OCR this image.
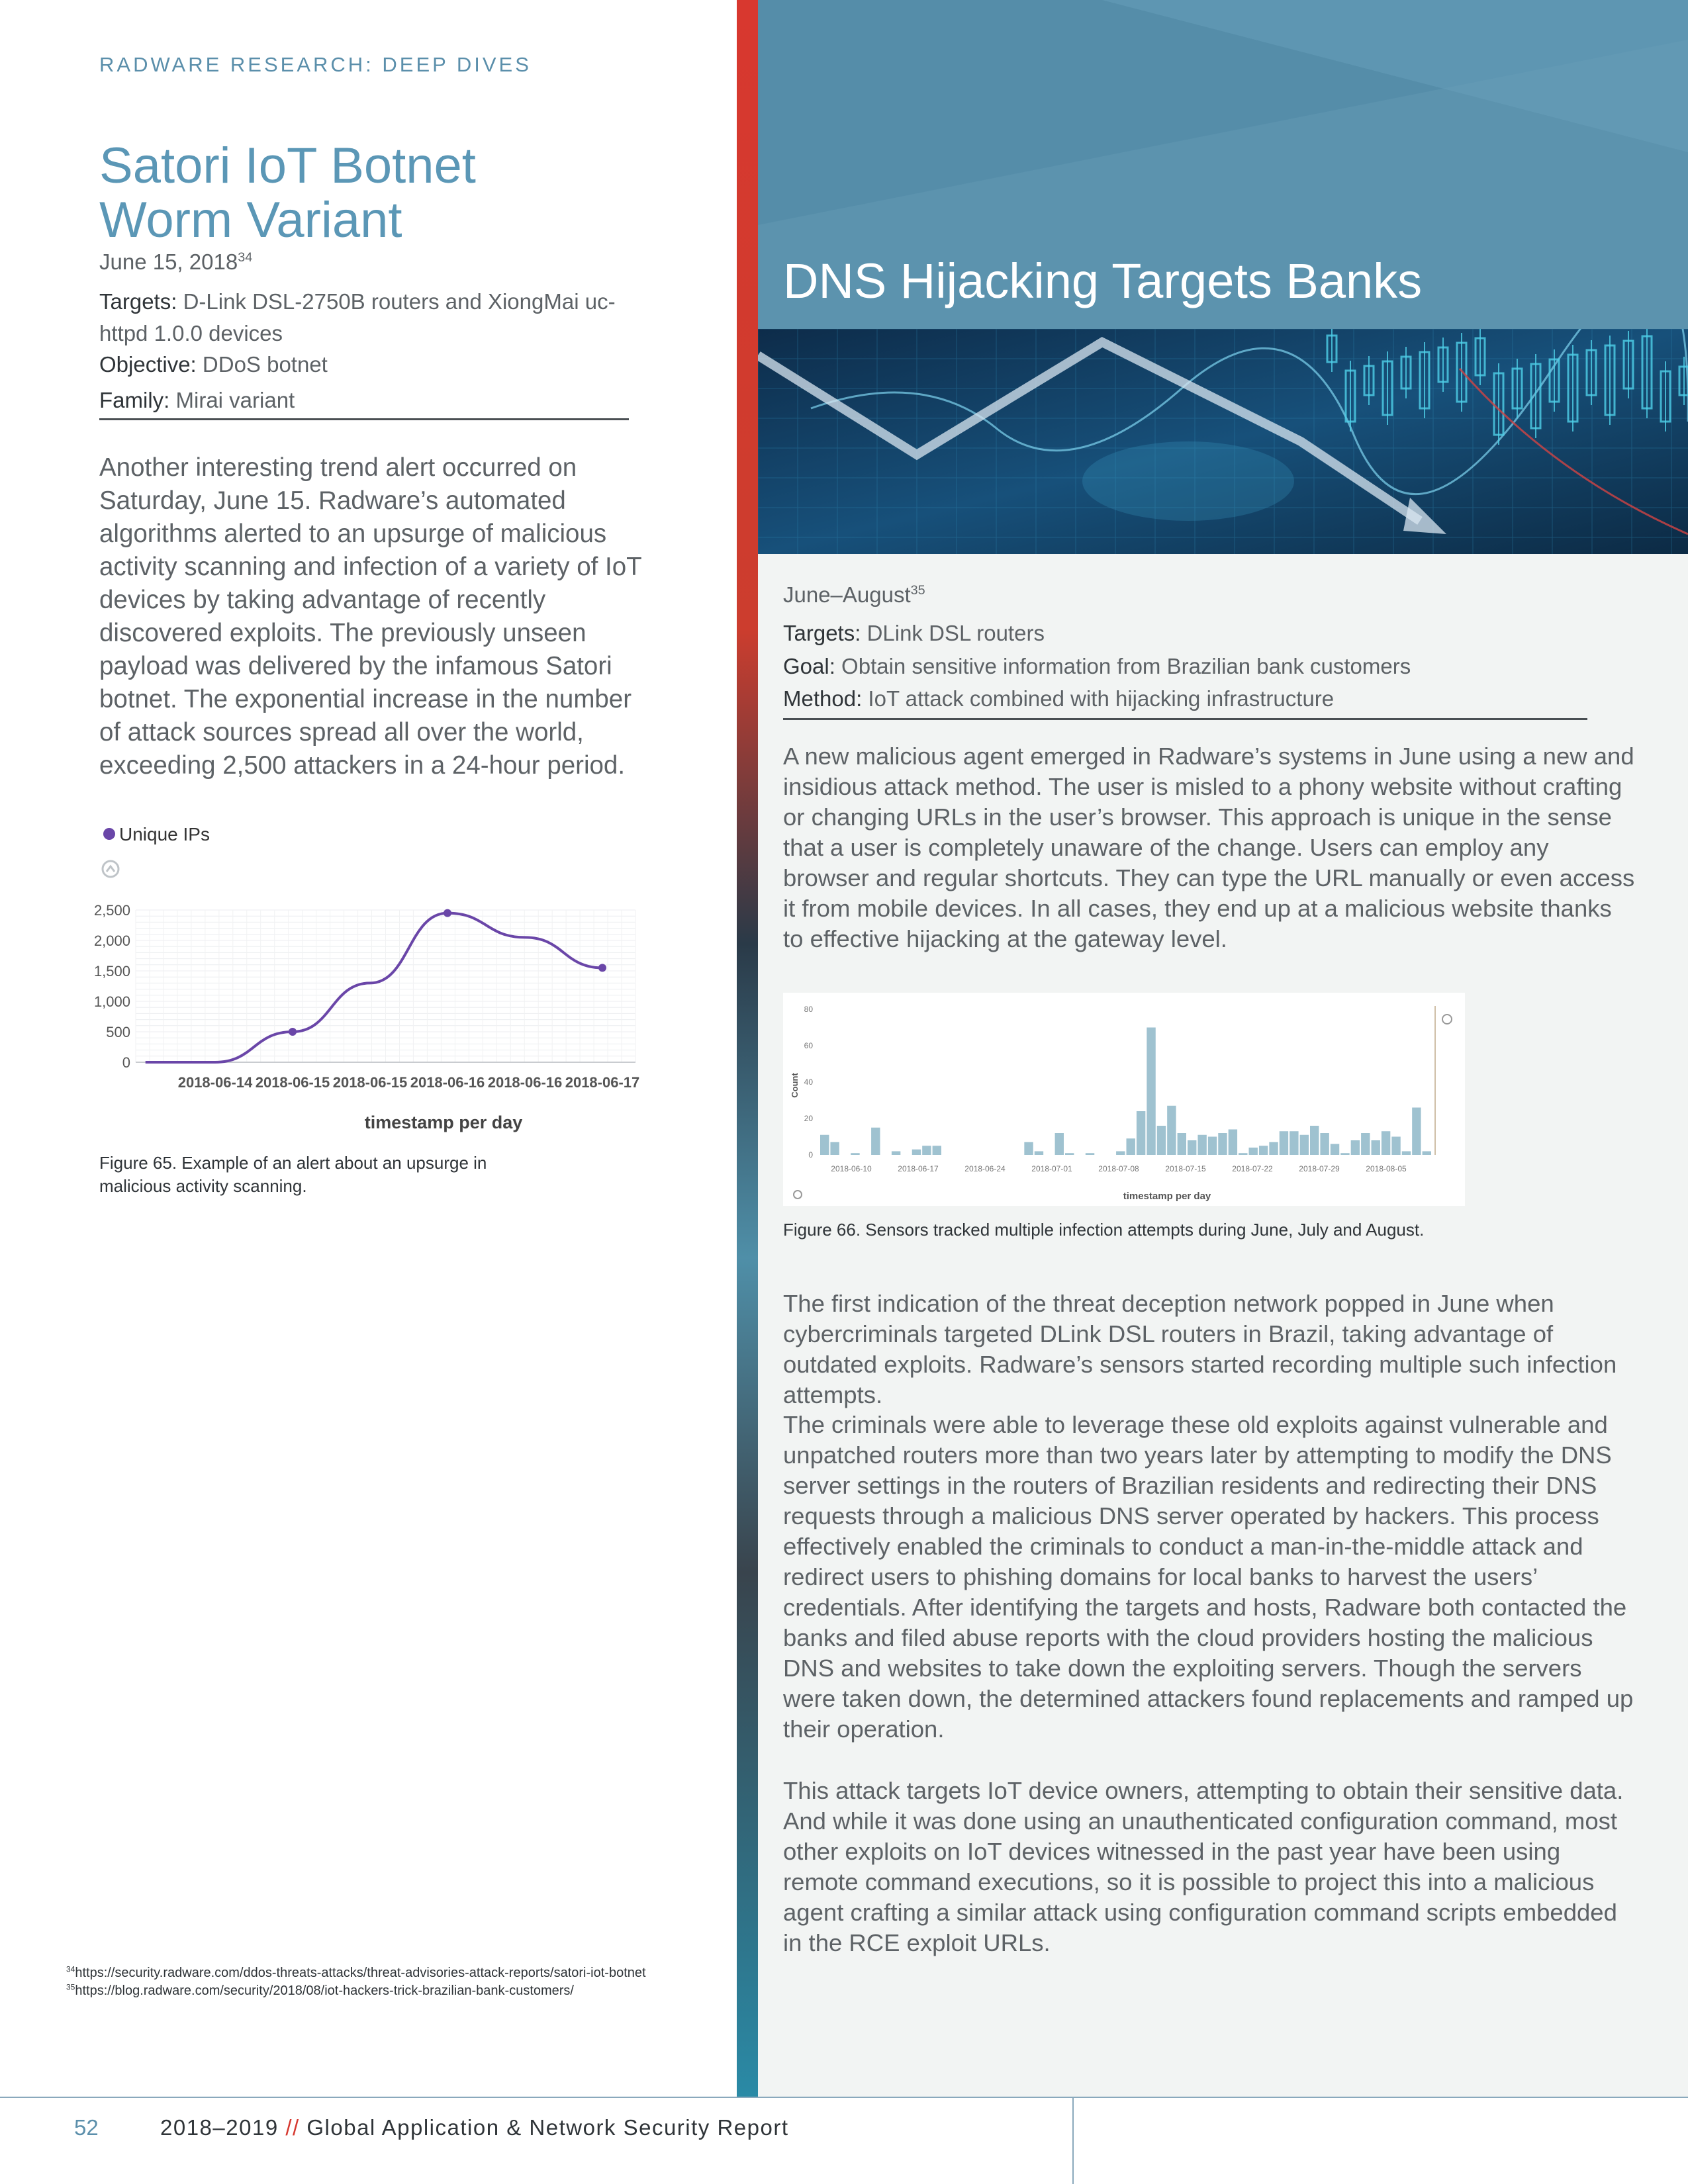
RADWARE RESEARCH: DEEP DIVES
Satori IoT Botnet
Worm Variant
June 15, 2018$^{34}$
Targets: D-Link DSL-2750B routers and XiongMai uc-httpd 1.0.0 devices
Objective: DDoS botnet
Family: Mirai variant
Another interesting trend alert occurred on Saturday, June 15. Radware’s automated algorithms alerted to an upsurge of malicious activity scanning and infection of a variety of IoT devices by taking advantage of recently discovered exploits. The previously unseen payload was delivered by the infamous Satori botnet. The exponential increase in the number of attack sources spread all over the world, exceeding 2,500 attackers in a 24-hour period.
Unique IPs
0
500
1,000
1,500
2,000
2,500
2018-06-14 2018-06-15 2018-06-15 2018-06-16 2018-06-16 2018-06-17
timestamp per day
Figure 65. Example of an alert about an upsurge in malicious activity scanning.
$^{34}$https://security.radware.com/ddos-threats-attacks/threat-advisories-attack-reports/satori-iot-botnet
$^{35}$https://blog.radware.com/security/2018/08/iot-hackers-trick-brazilian-bank-customers/
DNS Hijacking Targets Banks
June–August$^{35}$
Targets: DLink DSL routers
Goal: Obtain sensitive information from Brazilian bank customers
Method: IoT attack combined with hijacking infrastructure
A new malicious agent emerged in Radware’s systems in June using a new and insidious attack method. The user is misled to a phony website without crafting or changing URLs in the user’s browser. This approach is unique in the sense that a user is completely unaware of the change. Users can employ any browser and regular shortcuts. They can type the URL manually or even access it from mobile devices. In all cases, they end up at a malicious website thanks to effective hijacking at the gateway level.
0
20
40
60
80
Count
2018-06-10	2018-06-17	2018-06-24	2018-07-01	2018-07-08	2018-07-15	2018-07-22	2018-07-29	2018-08-05
timestamp per day
Figure 66. Sensors tracked multiple infection attempts during June, July and August.
The first indication of the threat deception network popped in June when cybercriminals targeted DLink DSL routers in Brazil, taking advantage of outdated exploits. Radware’s sensors started recording multiple such infection attempts.
The criminals were able to leverage these old exploits against vulnerable and unpatched routers more than two years later by attempting to modify the DNS server settings in the routers of Brazilian residents and redirecting their DNS requests through a malicious DNS server operated by hackers. This process effectively enabled the criminals to conduct a man-in-the-middle attack and redirect users to phishing domains for local banks to harvest the users’ credentials. After identifying the targets and hosts, Radware both contacted the banks and filed abuse reports with the cloud providers hosting the malicious DNS and websites to take down the exploiting servers. Though the servers were taken down, the determined attackers found replacements and ramped up their operation.
This attack targets IoT device owners, attempting to obtain their sensitive data. And while it was done using an unauthenticated configuration command, most other exploits on IoT devices witnessed in the past year have been using remote command executions, so it is possible to project this into a malicious agent crafting a similar attack using configuration command scripts embedded in the RCE exploit URLs.
52	2018–2019 // Global Application & Network Security Report
